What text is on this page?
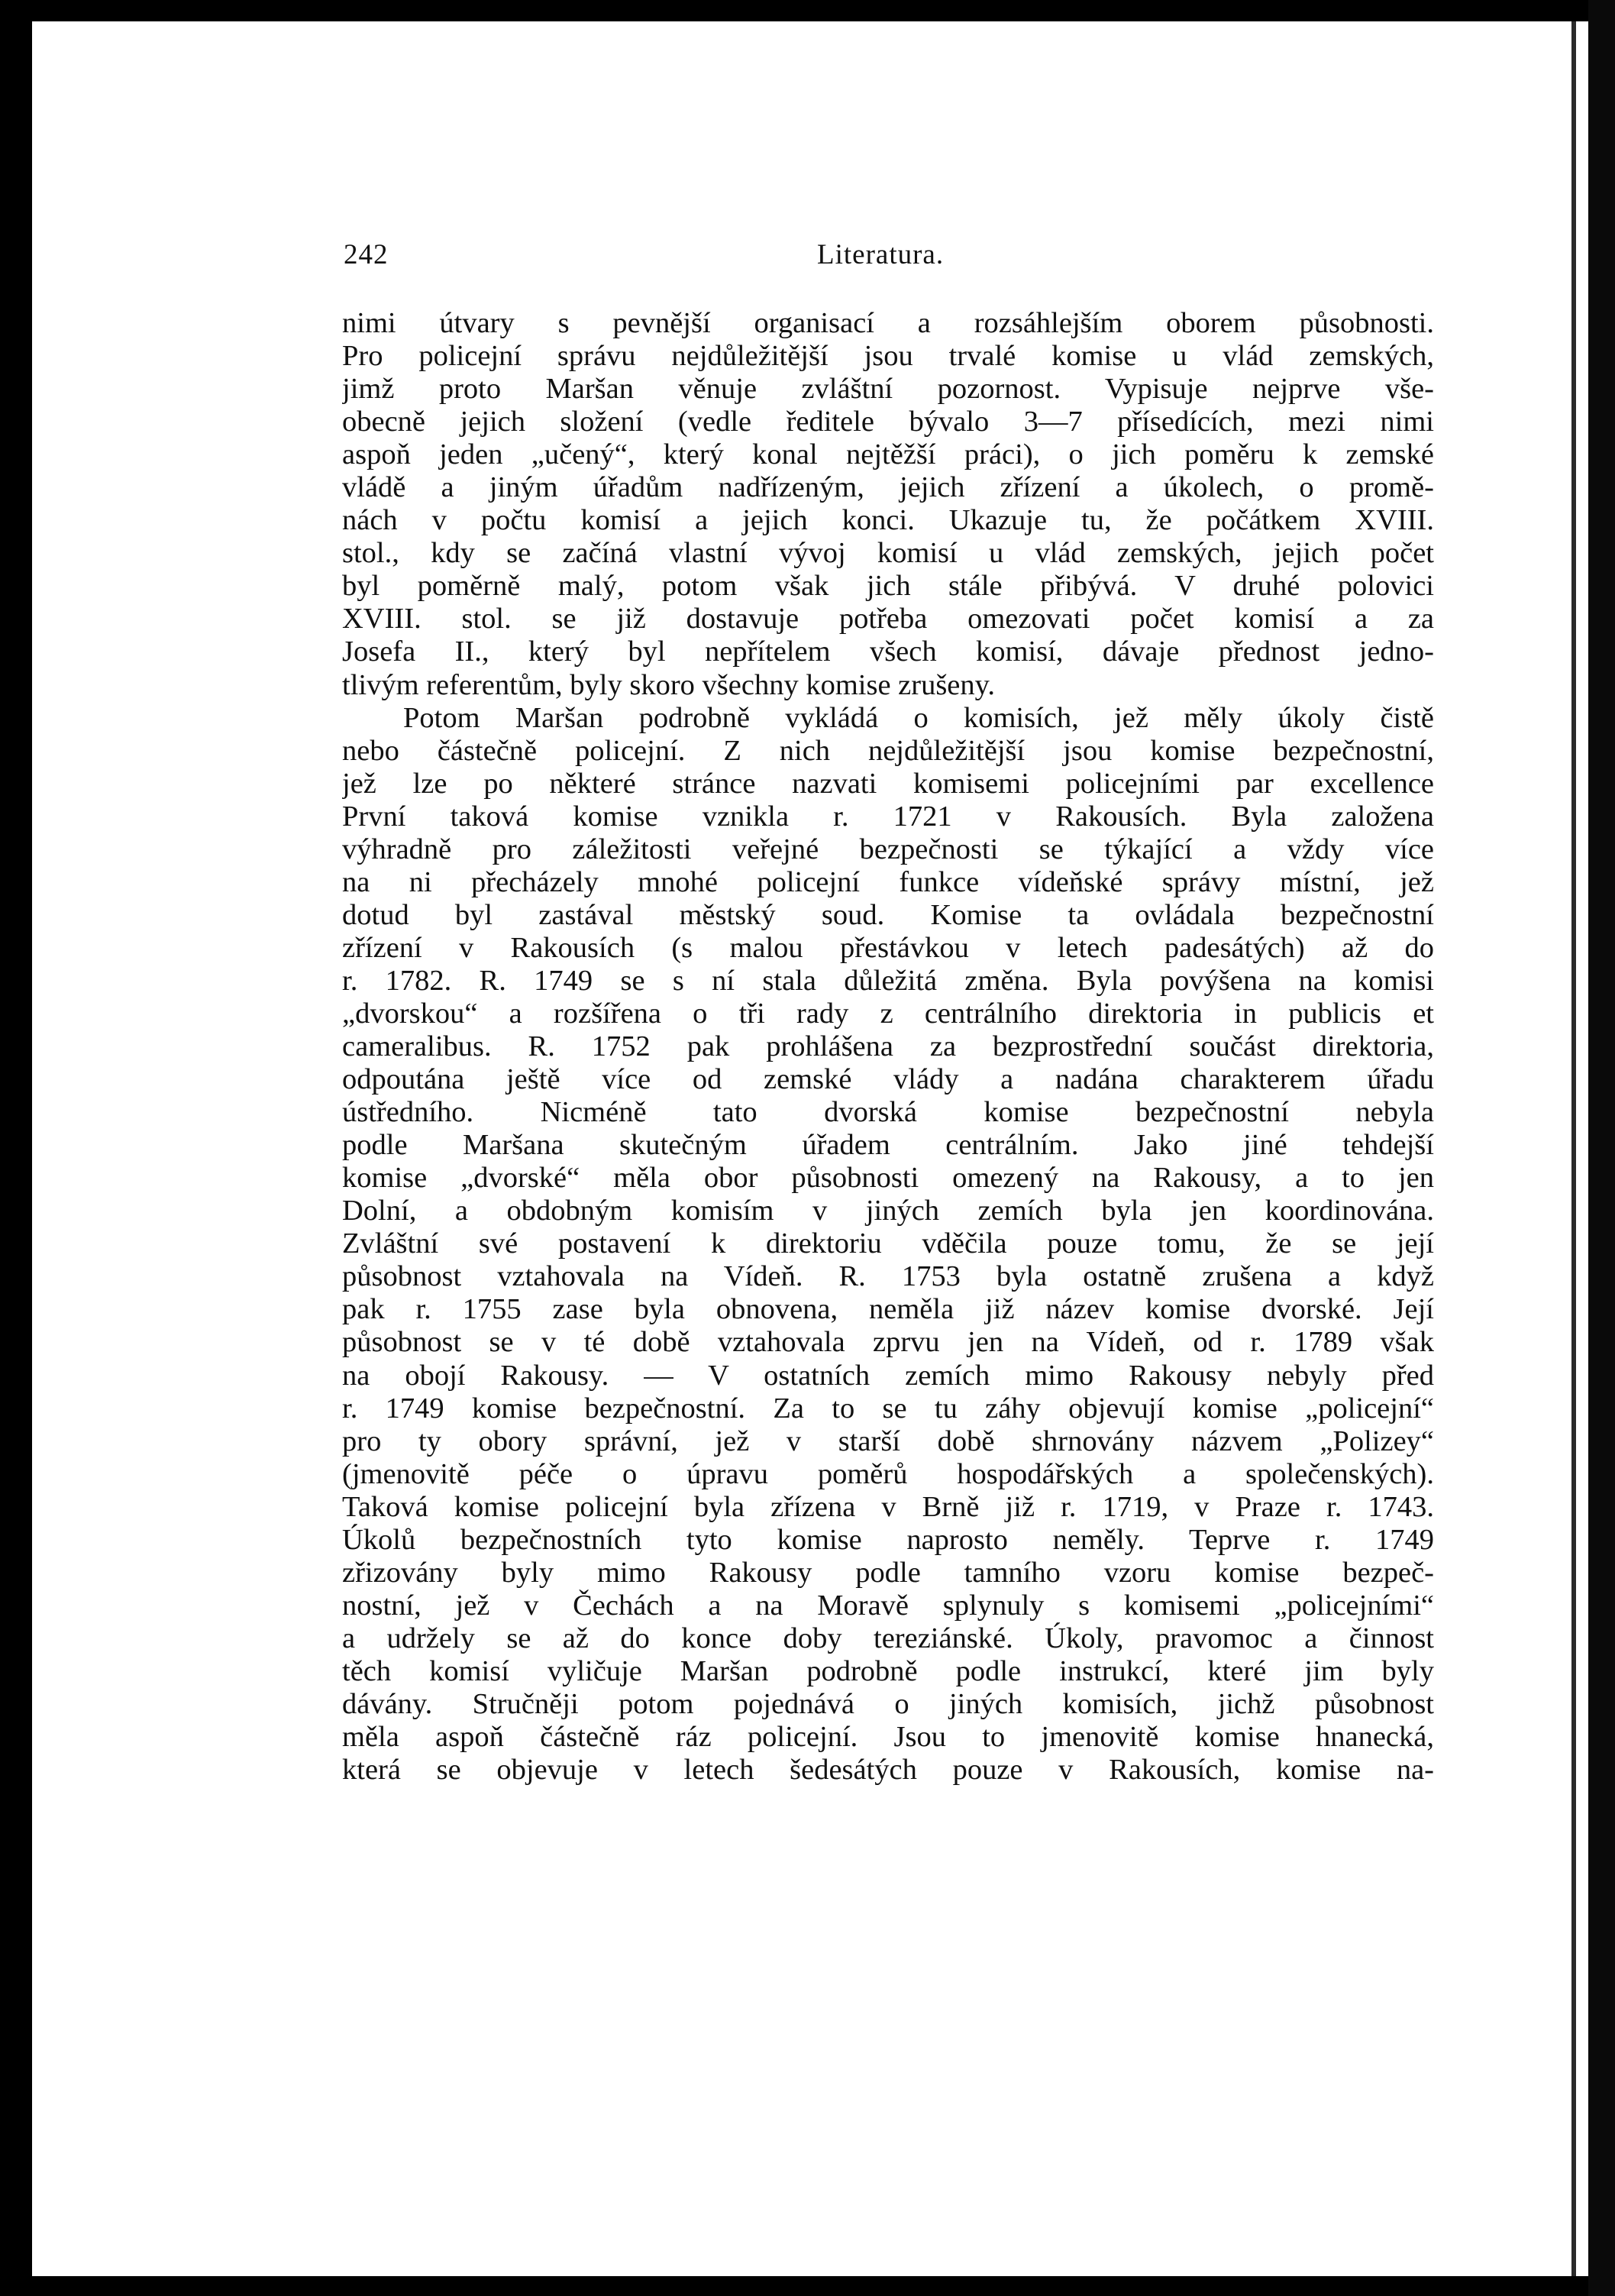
242	Literatura.
nimi útvary s pevnější organisací a rozsáhlejším oborem působnosti.
Pro policejní správu nejdůležitější jsou trvalé komise u vlád zemských,
jimž proto Maršan věnuje zvláštní pozornost. Vypisuje nejprve vše-
obecně jejich složení (vedle ředitele bývalo 3—7 přísedících, mezi nimi
aspoň jeden „učený“, který konal nejtěžší práci), o jich poměru k zemské
vládě a jiným úřadům nadřízeným, jejich zřízení a úkolech, o promě-
nách v počtu komisí a jejich konci. Ukazuje tu, že počátkem XVIII.
stol., kdy se začíná vlastní vývoj komisí u vlád zemských, jejich počet
byl poměrně malý, potom však jich stále přibývá. V druhé polovici
XVIII. stol. se již dostavuje potřeba omezovati počet komisí a za
Josefa II., který byl nepřítelem všech komisí, dávaje přednost jedno-
tlivým referentům, byly skoro všechny komise zrušeny.
Potom Maršan podrobně vykládá o komisích, jež měly úkoly čistě
nebo částečně policejní. Z nich nejdůležitější jsou komise bezpečnostní,
jež lze po některé stránce nazvati komisemi policejními par excellence
První taková komise vznikla r. 1721 v Rakousích. Byla založena
výhradně pro záležitosti veřejné bezpečnosti se týkající a vždy více
na ni přecházely mnohé policejní funkce vídeňské správy místní, jež
dotud byl zastával městský soud. Komise ta ovládala bezpečnostní
zřízení v Rakousích (s malou přestávkou v letech padesátých) až do
r. 1782. R. 1749 se s ní stala důležitá změna. Byla povýšena na komisi
„dvorskou“ a rozšířena o tři rady z centrálního direktoria in publicis et
cameralibus. R. 1752 pak prohlášena za bezprostřední součást direktoria,
odpoutána ještě více od zemské vlády a nadána charakterem úřadu
ústředního. Nicméně tato dvorská komise bezpečnostní nebyla
podle Maršana skutečným úřadem centrálním. Jako jiné tehdejší
komise „dvorské“ měla obor působnosti omezený na Rakousy, a to jen
Dolní, a obdobným komisím v jiných zemích byla jen koordinována.
Zvláštní své postavení k direktoriu vděčila pouze tomu, že se její
působnost vztahovala na Vídeň. R. 1753 byla ostatně zrušena a když
pak r. 1755 zase byla obnovena, neměla již název komise dvorské. Její
působnost se v té době vztahovala zprvu jen na Vídeň, od r. 1789 však
na obojí Rakousy. — V ostatních zemích mimo Rakousy nebyly před
r. 1749 komise bezpečnostní. Za to se tu záhy objevují komise „policejní“
pro ty obory správní, jež v starší době shrnovány názvem „Polizey“
(jmenovitě péče o úpravu poměrů hospodářských a společenských).
Taková komise policejní byla zřízena v Brně již r. 1719, v Praze r. 1743.
Úkolů bezpečnostních tyto komise naprosto neměly. Teprve r. 1749
zřizovány byly mimo Rakousy podle tamního vzoru komise bezpeč-
nostní, jež v Čechách a na Moravě splynuly s komisemi „policejními“
a udržely se až do konce doby tereziánské. Úkoly, pravomoc a činnost
těch komisí vyličuje Maršan podrobně podle instrukcí, které jim byly
dávány. Stručněji potom pojednává o jiných komisích, jichž působnost
měla aspoň částečně ráz policejní. Jsou to jmenovitě komise hnanecká,
která se objevuje v letech šedesátých pouze v Rakousích, komise na-
